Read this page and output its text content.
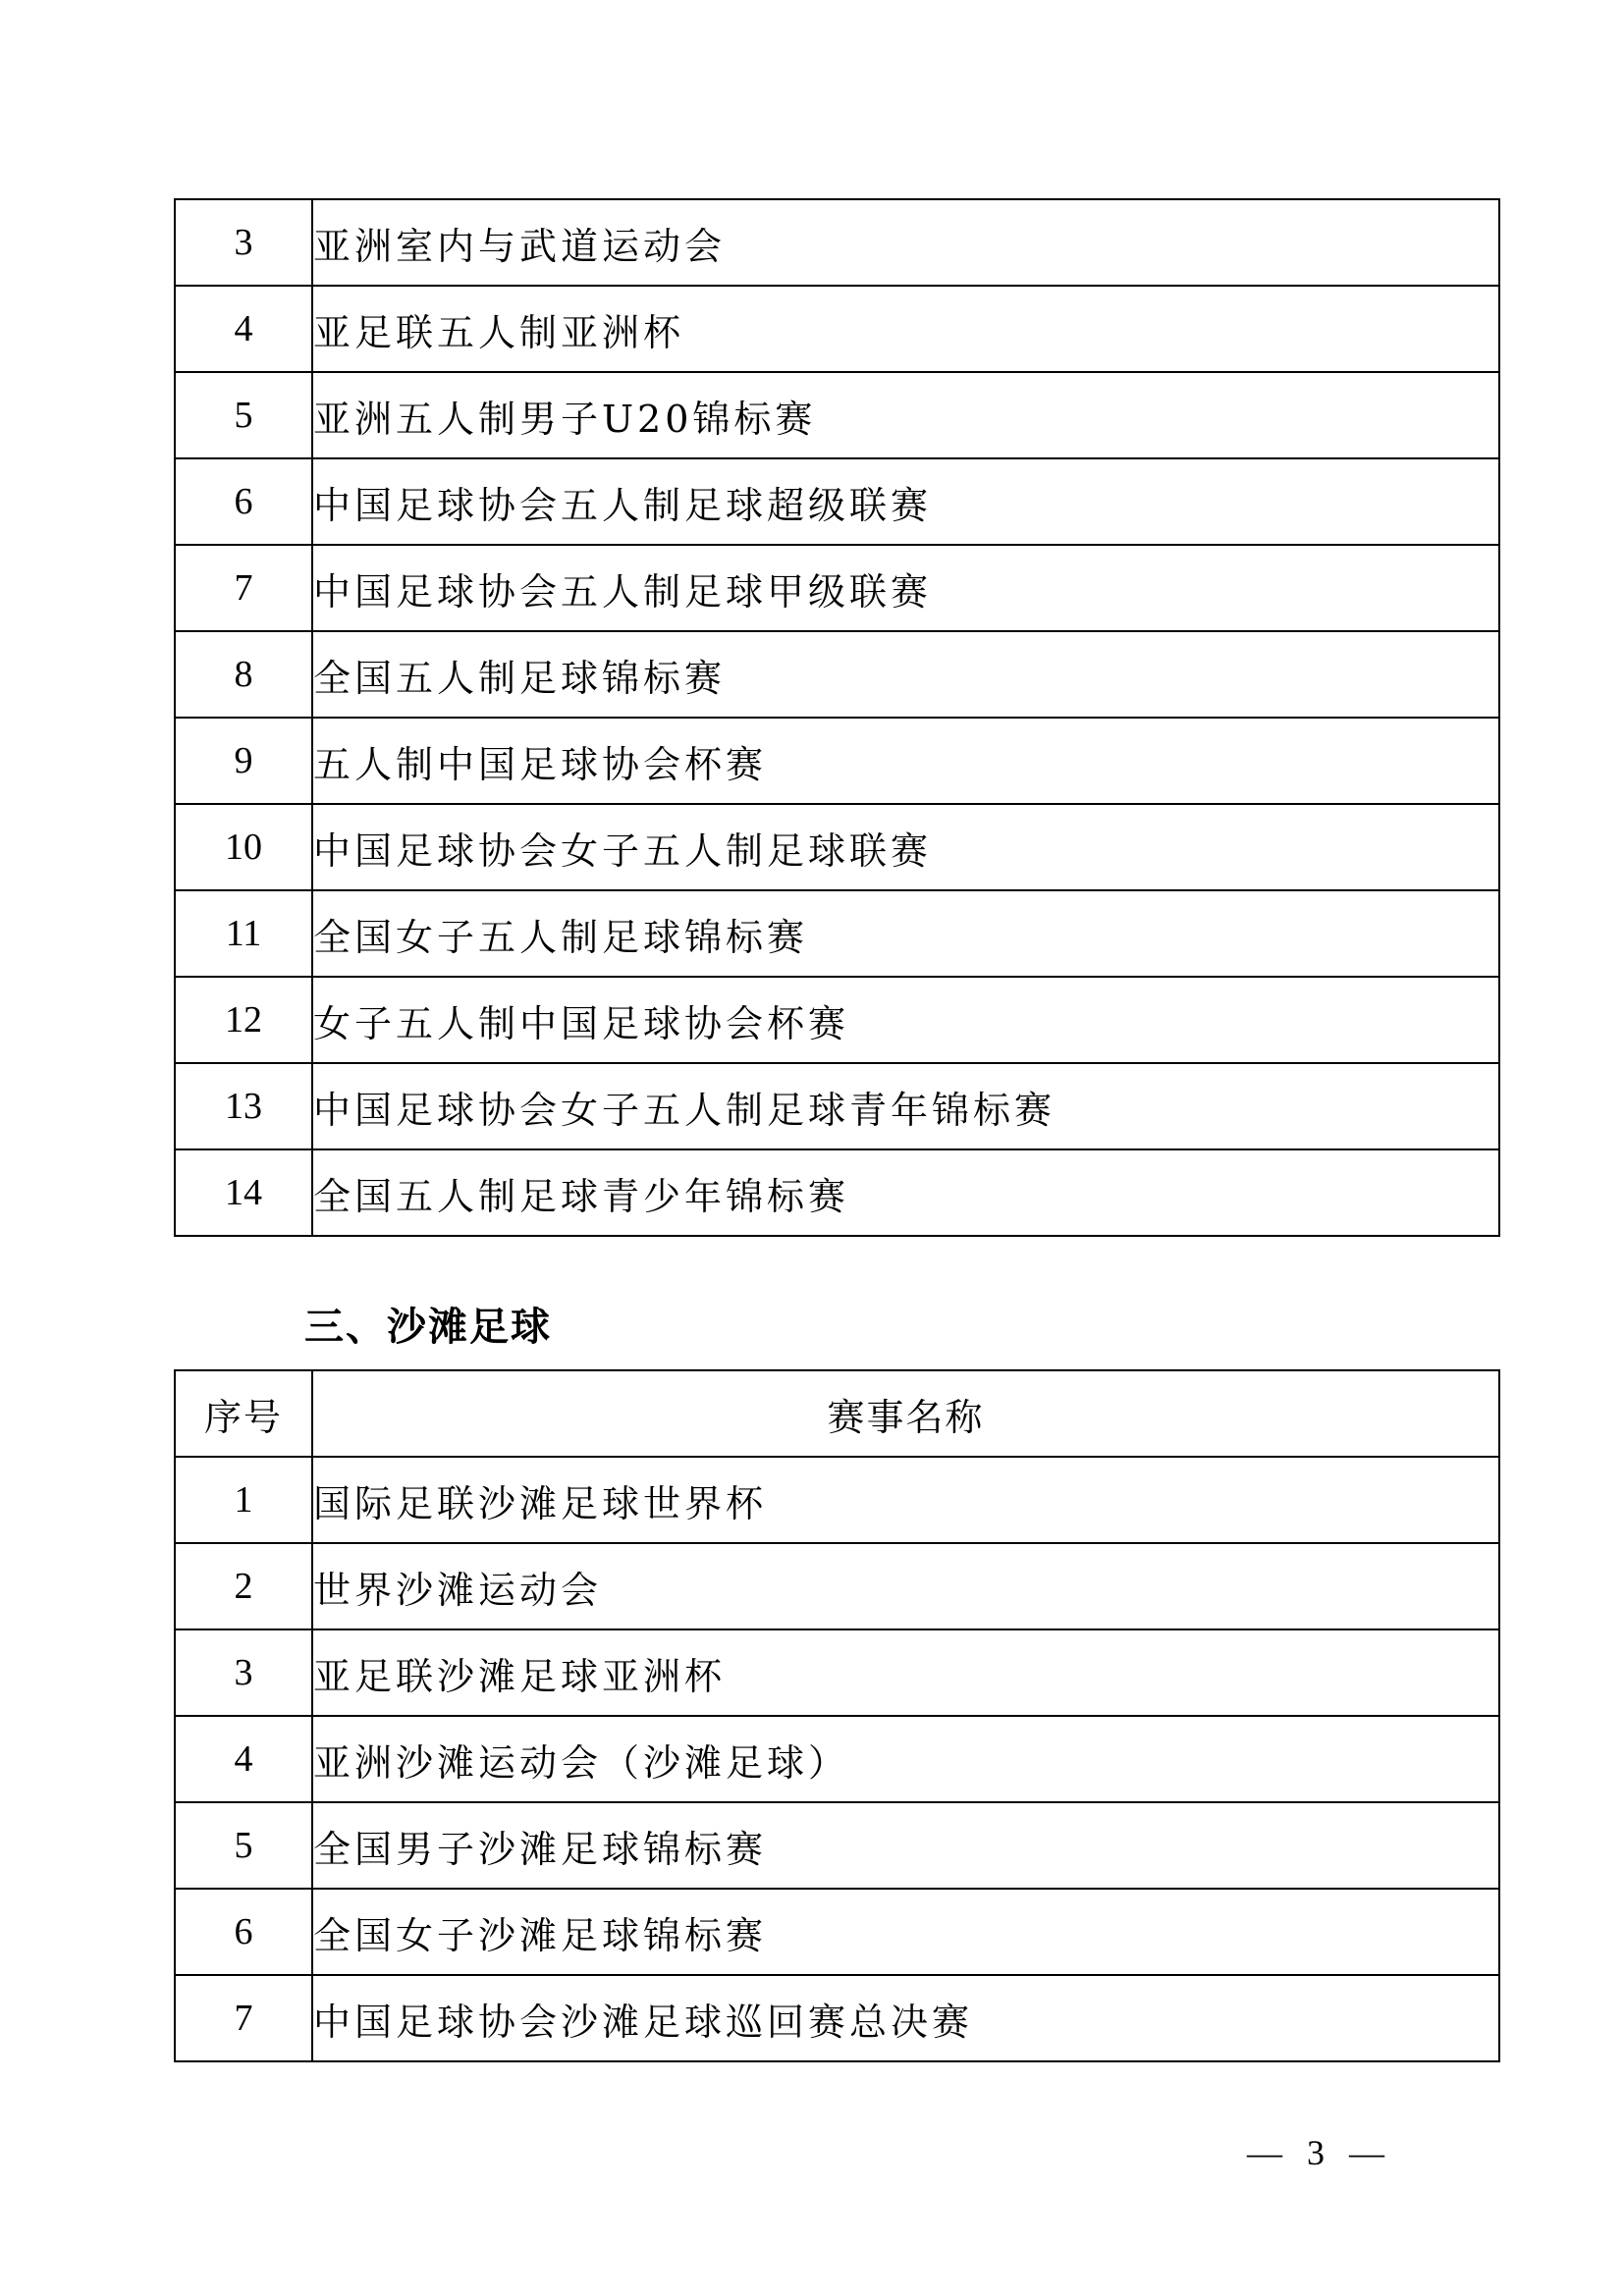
3	亚洲室内与武道运动会
4	亚足联五人制亚洲杯
5	亚洲五人制男子U20锦标赛
6	中国足球协会五人制足球超级联赛
7	中国足球协会五人制足球甲级联赛
8	全国五人制足球锦标赛
9	五人制中国足球协会杯赛
10	中国足球协会女子五人制足球联赛
11	全国女子五人制足球锦标赛
12	女子五人制中国足球协会杯赛
13	中国足球协会女子五人制足球青年锦标赛
14	全国五人制足球青少年锦标赛
三、沙滩足球
序号	赛事名称
1	国际足联沙滩足球世界杯
2	世界沙滩运动会
3	亚足联沙滩足球亚洲杯
4	亚洲沙滩运动会（沙滩足球）
5	全国男子沙滩足球锦标赛
6	全国女子沙滩足球锦标赛
7	中国足球协会沙滩足球巡回赛总决赛
— 3 —
